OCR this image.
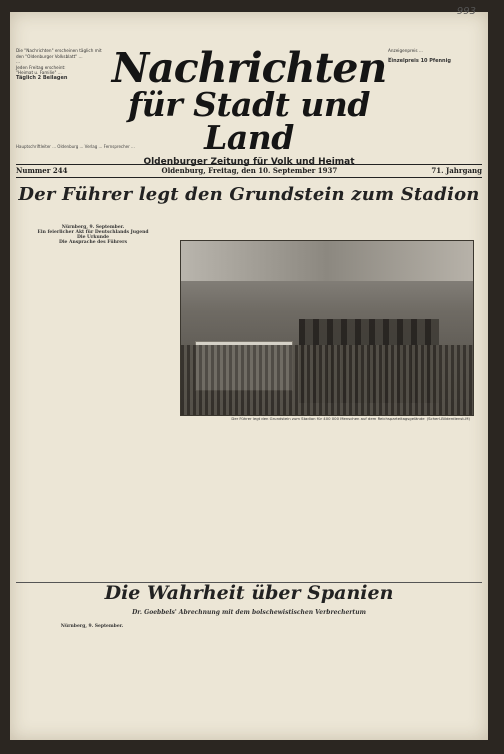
993
Die "Nachrichten" erscheinen täglich mit
den "Oldenburger Volksblatt" ...
...
Jeden Freitag erscheint:
"Heimat u. Familie" ...
Täglich 2 Beilagen
Anzeigenpreis ...
...
Einzelpreis 10 Pfennig
Nachrichten
für Stadt und Land
Oldenburger Zeitung für Volk und Heimat
Hauptschriftleiter ... Oldenburg ... Verlag ... Fernsprecher ...
Nummer 244	Oldenburg, Freitag, den 10. September 1937	71. Jahrgang
Der Führer legt den Grundstein zum Stadion
Nürnberg, 9. September.
Ein feierlicher Akt für Deutschlands Jugend
Die Urkunde
Die Ansprache des Führers
Der Führer legt den Grundstein zum Stadion für 400 000 Menschen auf dem Reichsparteitagsgelände (Scherl-Bilderdienst-M)
Die Wahrheit über Spanien
Dr. Goebbels' Abrechnung mit dem bolschewistischen Verbrechertum
Nürnberg, 9. September.
